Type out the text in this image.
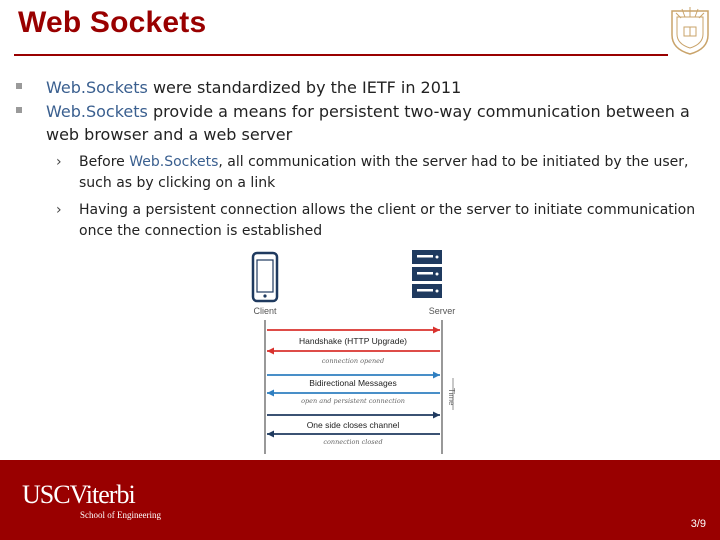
Web Sockets
Web.Sockets were standardized by the IETF in 2011
Web.Sockets provide a means for persistent two-way communication between a web browser and a web server
› Before Web.Sockets, all communication with the server had to be initiated by the user, such as by clicking on a link
› Having a persistent connection allows the client or the server to initiate communication once the connection is established
Client	Server
Time
Handshake (HTTP Upgrade)
connection opened
Bidirectional Messages
open and persistent connection
One side closes channel
connection closed
USCViterbi
School of Engineering
3/9
